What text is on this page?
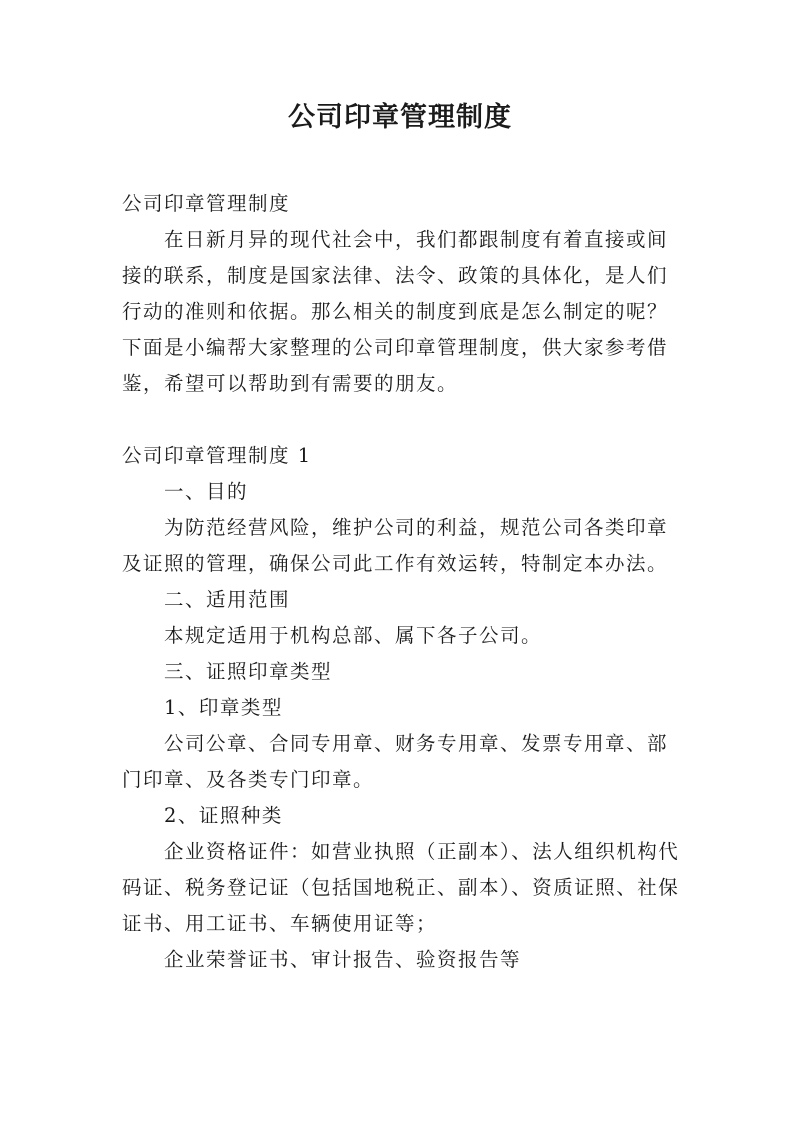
公司印章管理制度

公司印章管理制度

在日新月异的现代社会中，我们都跟制度有着直接或间接的联系，制度是国家法律、法令、政策的具体化，是人们行动的准则和依据。那么相关的制度到底是怎么制定的呢？下面是小编帮大家整理的公司印章管理制度，供大家参考借鉴，希望可以帮助到有需要的朋友。

公司印章管理制度 1

一、目的

为防范经营风险，维护公司的利益，规范公司各类印章及证照的管理，确保公司此工作有效运转，特制定本办法。

二、适用范围

本规定适用于机构总部、属下各子公司。

三、证照印章类型

1、印章类型

公司公章、合同专用章、财务专用章、发票专用章、部门印章、及各类专门印章。

2、证照种类

企业资格证件：如营业执照（正副本）、法人组织机构代码证、税务登记证（包括国地税正、副本）、资质证照、社保证书、用工证书、车辆使用证等；

企业荣誉证书、审计报告、验资报告等
